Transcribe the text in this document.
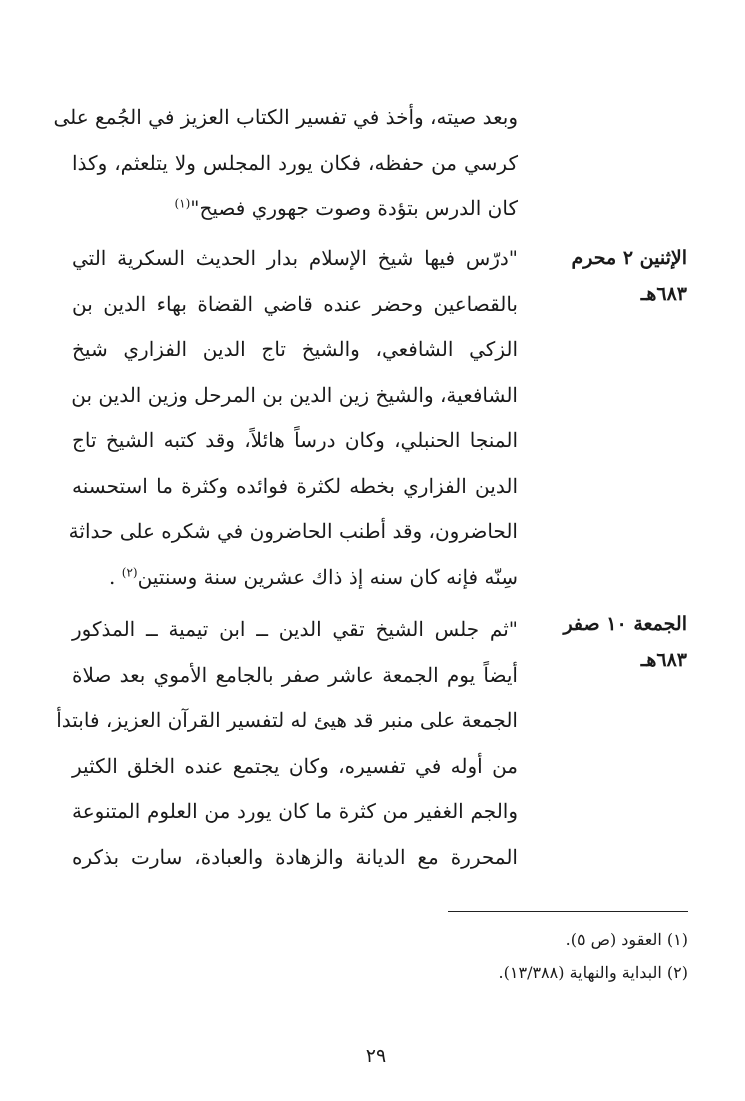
وبعد صيته، وأخذ في تفسير الكتاب العزيز في الجُمع على
كرسي من حفظه، فكان يورد المجلس ولا يتلعثم، وكذا
كان الدرس بتؤدة وصوت جهوري فصيح"$^{(١)}$
الإثنين ٢ محرم ٦٨٣هـ
"درّس فيها شيخ الإسلام بدار الحديث السكرية التي
بالقصاعين وحضر عنده قاضي القضاة بهاء الدين بن
الزكي الشافعي، والشيخ تاج الدين الفزاري شيخ
الشافعية، والشيخ زين الدين بن المرحل وزين الدين بن
المنجا الحنبلي، وكان درساً هائلاً، وقد كتبه الشيخ تاج
الدين الفزاري بخطه لكثرة فوائده وكثرة ما استحسنه
الحاضرون، وقد أطنب الحاضرون في شكره على حداثة
سِنّه فإنه كان سنه إذ ذاك عشرين سنة وسنتين$^{(٢)}$ .
الجمعة ١٠ صفر
٦٨٣هـ
"ثم جلس الشيخ تقي الدين ــ ابن تيمية ــ المذكور
أيضاً يوم الجمعة عاشر صفر بالجامع الأموي بعد صلاة
الجمعة على منبر قد هيئ له لتفسير القرآن العزيز، فابتدأ
من أوله في تفسيره، وكان يجتمع عنده الخلق الكثير
والجم الغفير من كثرة ما كان يورد من العلوم المتنوعة
المحررة مع الديانة والزهادة والعبادة، سارت بذكره
(١) العقود (ص ٥).
(٢) البداية والنهاية (١٣/٣٨٨).
٢٩
